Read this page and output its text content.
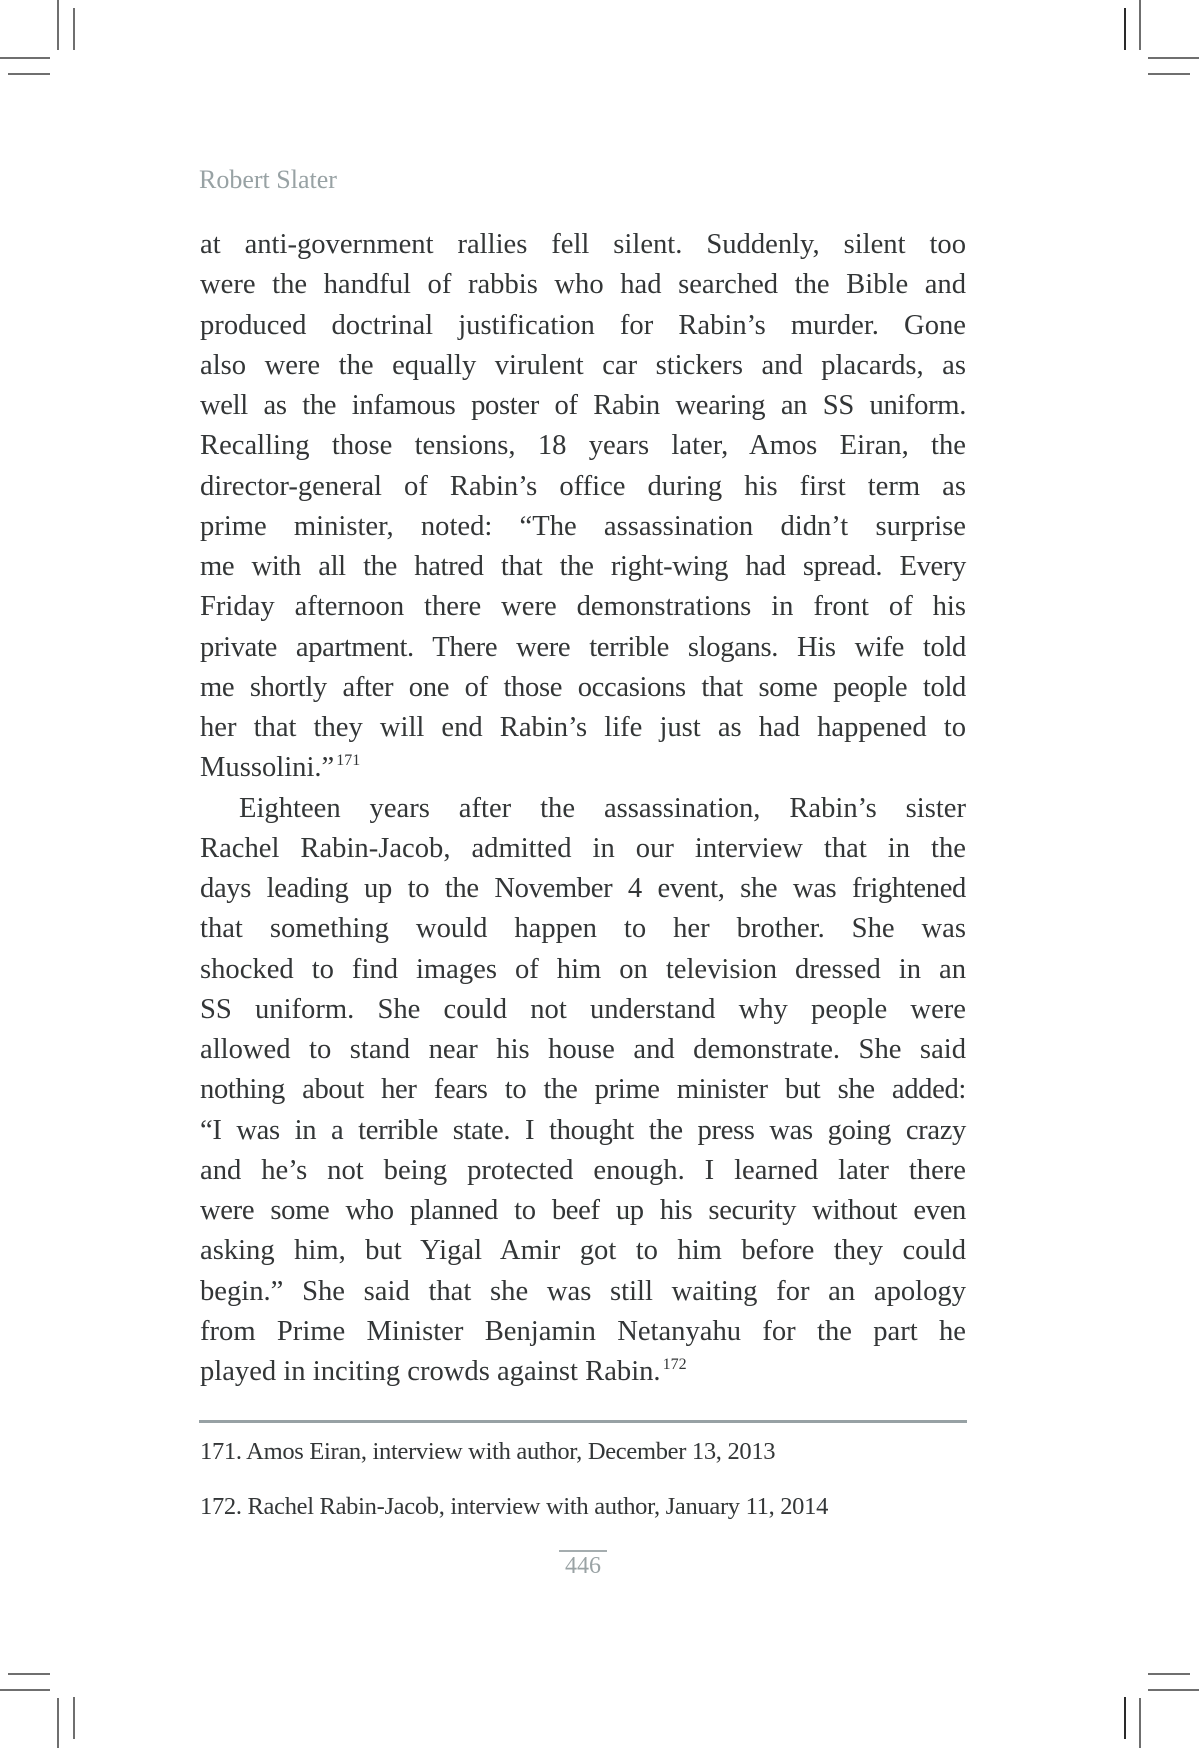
Robert Slater
at anti-government rallies fell silent. Suddenly, silent too
were the handful of rabbis who had searched the Bible and
produced doctrinal justification for Rabin’s murder. Gone
also were the equally virulent car stickers and placards, as
well as the infamous poster of Rabin wearing an SS uniform.
Recalling those tensions, 18 years later, Amos Eiran, the
director-general of Rabin’s office during his first term as
prime minister, noted: “The assassination didn’t surprise
me with all the hatred that the right-wing had spread. Every
Friday afternoon there were demonstrations in front of his
private apartment. There were terrible slogans. His wife told
me shortly after one of those occasions that some people told
her that they will end Rabin’s life just as had happened to
Mussolini.” $^{171}$
Eighteen years after the assassination, Rabin’s sister
Rachel Rabin-Jacob, admitted in our interview that in the
days leading up to the November 4 event, she was frightened
that something would happen to her brother. She was
shocked to find images of him on television dressed in an
SS uniform. She could not understand why people were
allowed to stand near his house and demonstrate. She said
nothing about her fears to the prime minister but she added:
“I was in a terrible state. I thought the press was going crazy
and he’s not being protected enough. I learned later there
were some who planned to beef up his security without even
asking him, but Yigal Amir got to him before they could
begin.” She said that she was still waiting for an apology
from Prime Minister Benjamin Netanyahu for the part he
played in inciting crowds against Rabin. $^{172}$
171. Amos Eiran, interview with author, December 13, 2013
172. Rachel Rabin-Jacob, interview with author, January 11, 2014
446
